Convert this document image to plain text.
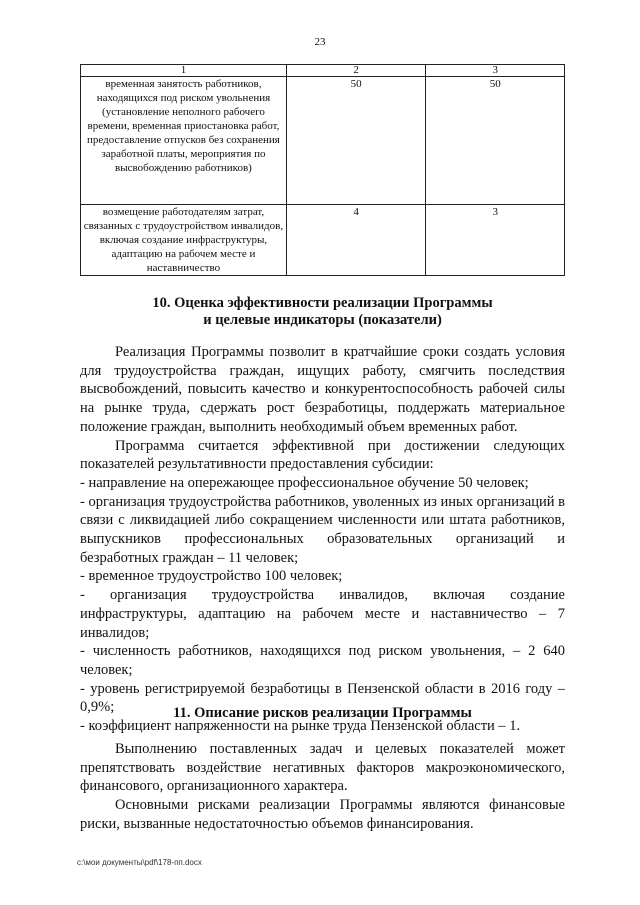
23
1	2	3
временная занятость работников, находящихся под риском увольнения (установление неполного рабочего времени, временная приостановка работ, предоставление отпусков без сохранения заработной платы, мероприятия по высвобождению работников)	50	50
возмещение работодателям затрат, связанных с трудоустройством инвалидов, включая создание инфраструктуры, адаптацию на рабочем месте и наставничество	4	3
10. Оценка эффективности реализации Программы
и целевые индикаторы (показатели)

Реализация Программы позволит в кратчайшие сроки создать условия для трудоустройства граждан, ищущих работу, смягчить последствия высвобождений, повысить качество и конкурентоспособность рабочей силы на рынке труда, сдержать рост безработицы, поддержать материальное положение граждан, выполнить необходимый объем временных работ.

Программа считается эффективной при достижении следующих показателей результативности предоставления субсидии:

- направление на опережающее профессиональное обучение 50 человек;

- организация трудоустройства работников, уволенных из иных организаций в связи с ликвидацией либо сокращением численности или штата работников, выпускников профессиональных образовательных организаций и безработных граждан – 11 человек;

- временное трудоустройство 100 человек;

- организация трудоустройства инвалидов, включая создание инфраструктуры, адаптацию на рабочем месте и наставничество – 7 инвалидов;

- численность работников, находящихся под риском увольнения, – 2 640 человек;

- уровень регистрируемой безработицы в Пензенской области в 2016 году – 0,9%;

- коэффициент напряженности на рынке труда Пензенской области – 1.

11. Описание рисков реализации Программы

Выполнению поставленных задач и целевых показателей может препятствовать воздействие негативных факторов макроэкономического, финансового, организационного характера.

Основными рисками реализации Программы являются финансовые риски, вызванные недостаточностью объемов финансирования.

c:\мои документы\pdf\178-пп.docx
